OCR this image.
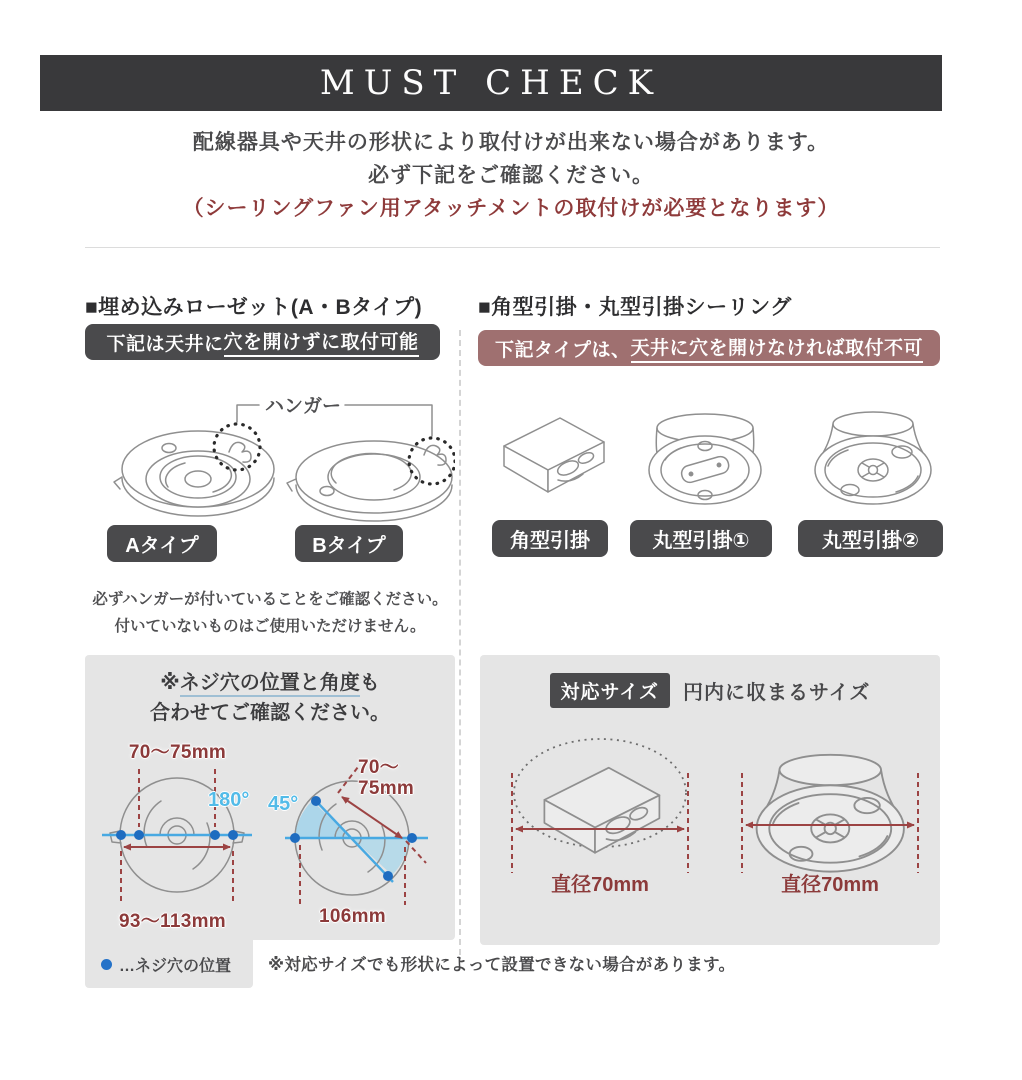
MUST CHECK
配線器具や天井の形状により取付けが出来ない場合があります。
必ず下記をご確認ください。
（シーリングファン用アタッチメントの取付けが必要となります）
■埋め込みローゼット(A・Bタイプ)
下記は天井に 穴を開けずに取付可能
ハンガー
Aタイプ	Bタイプ
必ずハンガーが付いていることをご確認ください。
付いていないものはご使用いただけません。
※ネジ穴の位置と角度も
合わせてご確認ください。
70～75mm
180°
93～113mm
45°
70～
75mm
106mm
…ネジ穴の位置
■角型引掛・丸型引掛シーリング
下記タイプは、 天井に穴を開けなければ取付不可
角型引掛	丸型引掛①	丸型引掛②
対応サイズ	円内に収まるサイズ
直径70mm	直径70mm
※対応サイズでも形状によって設置できない場合があります。
